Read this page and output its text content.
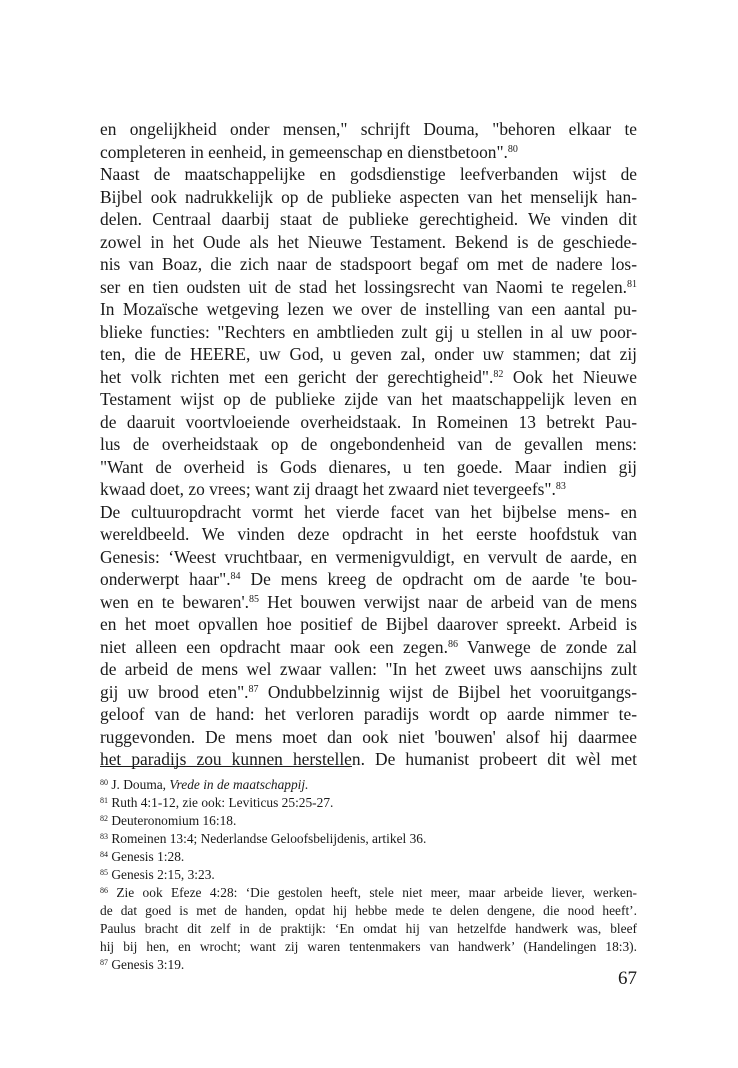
en ongelijkheid onder mensen," schrijft Douma, "behoren elkaar te
completeren in eenheid, in gemeenschap en dienstbetoon".$^{80}$
Naast de maatschappelijke en godsdienstige leefverbanden wijst de
Bijbel ook nadrukkelijk op de publieke aspecten van het menselijk han-
delen. Centraal daarbij staat de publieke gerechtigheid. We vinden dit
zowel in het Oude als het Nieuwe Testament. Bekend is de geschiede-
nis van Boaz, die zich naar de stadspoort begaf om met de nadere los-
ser en tien oudsten uit de stad het lossingsrecht van Naomi te regelen.$^{81}$
In Mozaïsche wetgeving lezen we over de instelling van een aantal pu-
blieke functies: "Rechters en ambtlieden zult gij u stellen in al uw poor-
ten, die de HEERE, uw God, u geven zal, onder uw stammen; dat zij
het volk richten met een gericht der gerechtigheid".$^{82}$ Ook het Nieuwe
Testament wijst op de publieke zijde van het maatschappelijk leven en
de daaruit voortvloeiende overheidstaak. In Romeinen 13 betrekt Pau-
lus de overheidstaak op de ongebondenheid van de gevallen mens:
"Want de overheid is Gods dienares, u ten goede. Maar indien gij
kwaad doet, zo vrees; want zij draagt het zwaard niet tevergeefs".$^{83}$
De cultuuropdracht vormt het vierde facet van het bijbelse mens- en
wereldbeeld. We vinden deze opdracht in het eerste hoofdstuk van
Genesis: ‘Weest vruchtbaar, en vermenigvuldigt, en vervult de aarde, en
onderwerpt haar".$^{84}$ De mens kreeg de opdracht om de aarde 'te bou-
wen en te bewaren'.$^{85}$ Het bouwen verwijst naar de arbeid van de mens
en het moet opvallen hoe positief de Bijbel daarover spreekt. Arbeid is
niet alleen een opdracht maar ook een zegen.$^{86}$ Vanwege de zonde zal
de arbeid de mens wel zwaar vallen: "In het zweet uws aanschijns zult
gij uw brood eten".$^{87}$ Ondubbelzinnig wijst de Bijbel het vooruitgangs-
geloof van de hand: het verloren paradijs wordt op aarde nimmer te-
ruggevonden. De mens moet dan ook niet 'bouwen' alsof hij daarmee
het paradijs zou kunnen herstellen. De humanist probeert dit wèl met
$^{80}$ J. Douma, Vrede in de maatschappij.
$^{81}$ Ruth 4:1-12, zie ook: Leviticus 25:25-27.
$^{82}$ Deuteronomium 16:18.
$^{83}$ Romeinen 13:4; Nederlandse Geloofsbelijdenis, artikel 36.
$^{84}$ Genesis 1:28.
$^{85}$ Genesis 2:15, 3:23.
$^{86}$ Zie ook Efeze 4:28: ‘Die gestolen heeft, stele niet meer, maar arbeide liever, werken-
de dat goed is met de handen, opdat hij hebbe mede te delen dengene, die nood heeft’.
Paulus bracht dit zelf in de praktijk: ‘En omdat hij van hetzelfde handwerk was, bleef
hij bij hen, en wrocht; want zij waren tentenmakers van handwerk’ (Handelingen 18:3).
$^{87}$ Genesis 3:19.
67
